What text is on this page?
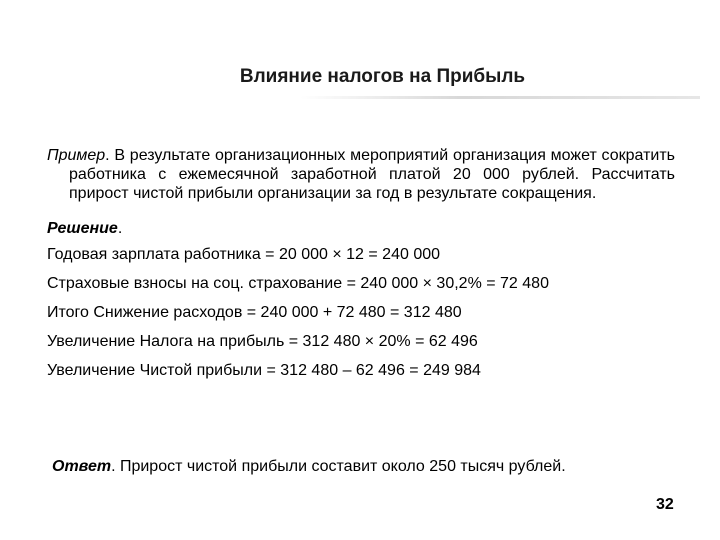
Влияние налогов на Прибыль

Пример. В результате организационных мероприятий организация может сократить работника с ежемесячной заработной платой 20 000 рублей. Рассчитать прирост чистой прибыли организации за год в результате сокращения.

Решение.

Годовая зарплата работника = 20 000 × 12 = 240 000

Страховые взносы на соц. страхование = 240 000 × 30,2% = 72 480

Итого Снижение расходов = 240 000 + 72 480 = 312 480

Увеличение Налога на прибыль = 312 480 × 20% = 62 496

Увеличение Чистой прибыли = 312 480 – 62 496 = 249 984

Ответ. Прирост чистой прибыли составит около 250 тысяч рублей.

32
